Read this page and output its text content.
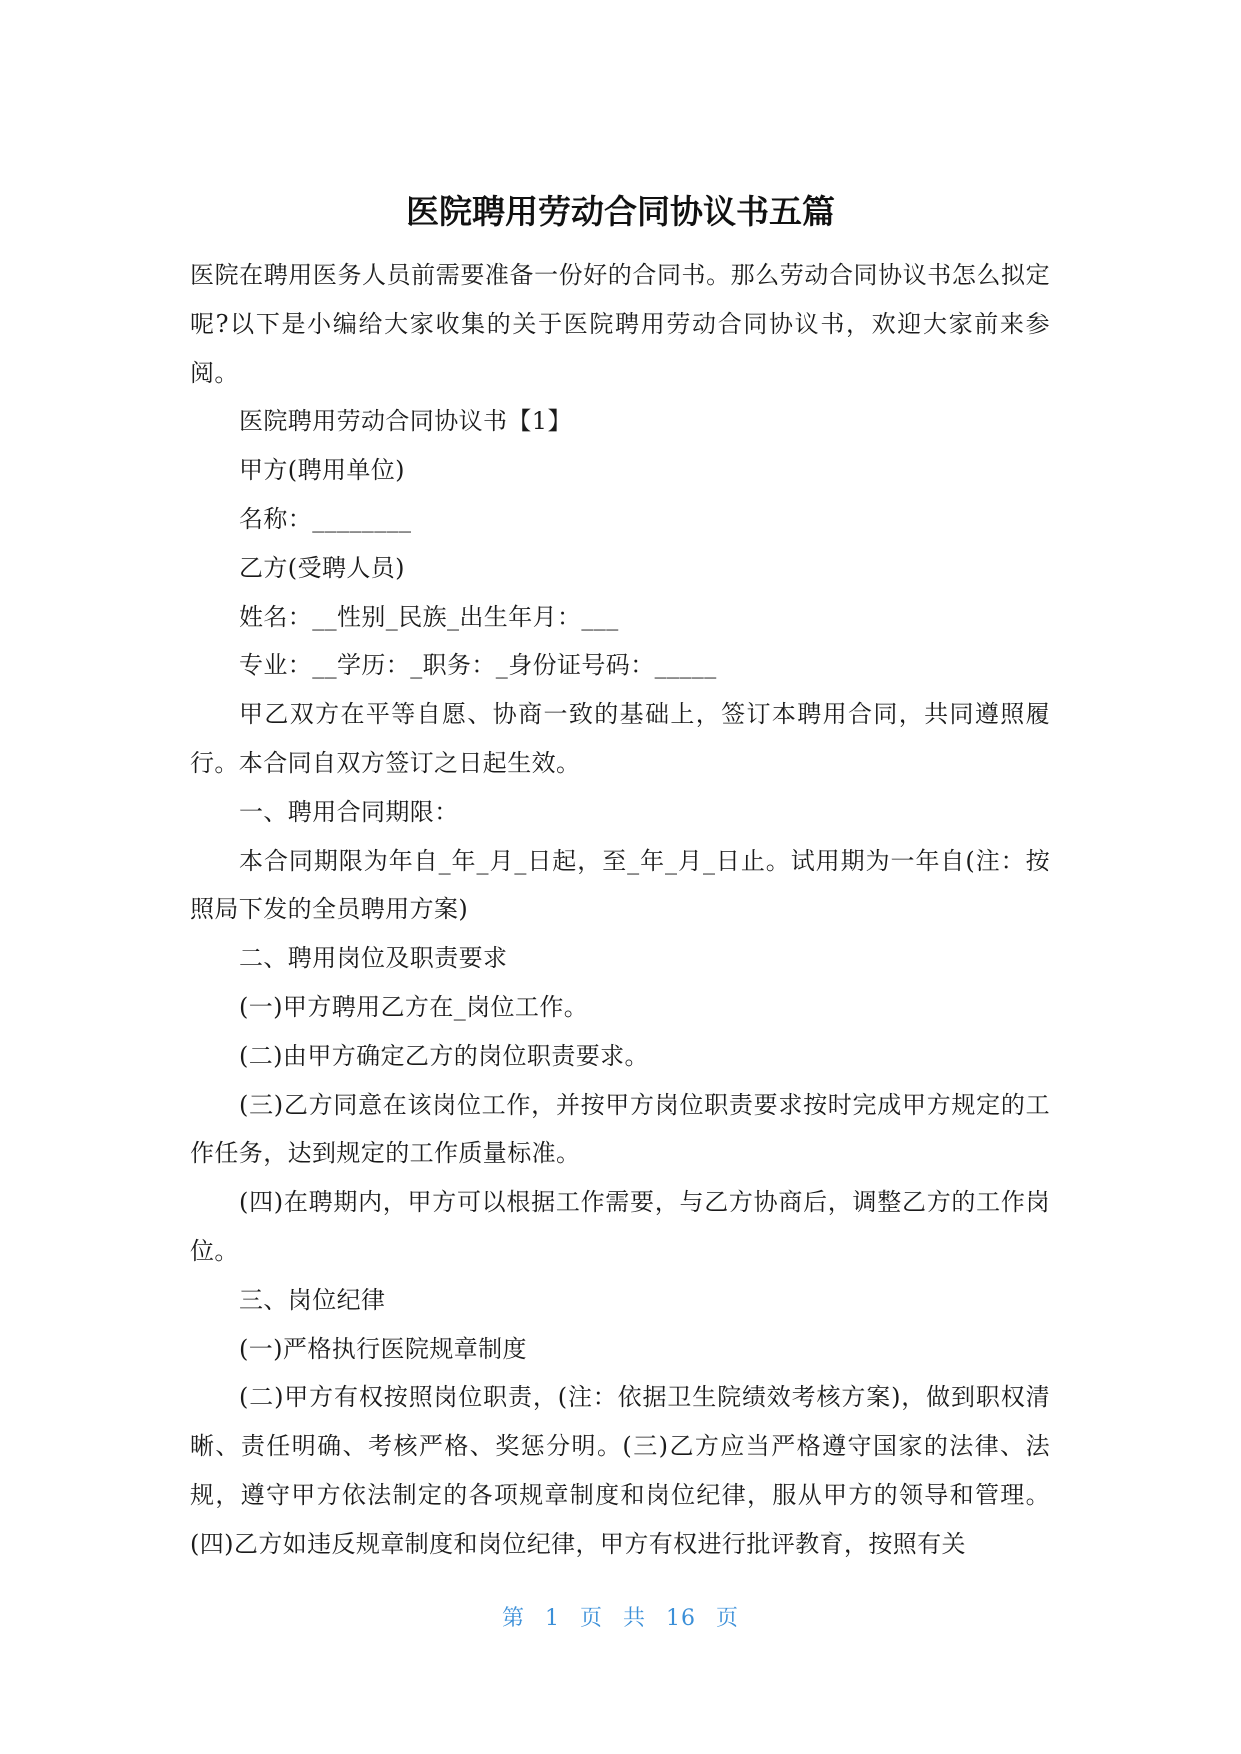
医院聘用劳动合同协议书五篇

医院在聘用医务人员前需要准备一份好的合同书。那么劳动合同协议书怎么拟定呢?以下是小编给大家收集的关于医院聘用劳动合同协议书，欢迎大家前来参阅。

医院聘用劳动合同协议书【1】

甲方(聘用单位)

名称：________

乙方(受聘人员)

姓名：__性别_民族_出生年月：___

专业：__学历：_职务：_身份证号码：_____

甲乙双方在平等自愿、协商一致的基础上，签订本聘用合同，共同遵照履行。本合同自双方签订之日起生效。

一、聘用合同期限：

本合同期限为年自_年_月_日起，至_年_月_日止。试用期为一年自(注：按照局下发的全员聘用方案)

二、聘用岗位及职责要求

(一)甲方聘用乙方在_岗位工作。

(二)由甲方确定乙方的岗位职责要求。

(三)乙方同意在该岗位工作，并按甲方岗位职责要求按时完成甲方规定的工作任务，达到规定的工作质量标准。

(四)在聘期内，甲方可以根据工作需要，与乙方协商后，调整乙方的工作岗位。

三、岗位纪律

(一)严格执行医院规章制度

(二)甲方有权按照岗位职责，(注：依据卫生院绩效考核方案)，做到职权清晰、责任明确、考核严格、奖惩分明。(三)乙方应当严格遵守国家的法律、法规，遵守甲方依法制定的各项规章制度和岗位纪律，服从甲方的领导和管理。(四)乙方如违反规章制度和岗位纪律，甲方有权进行批评教育，按照有关

第 1 页 共 16 页
